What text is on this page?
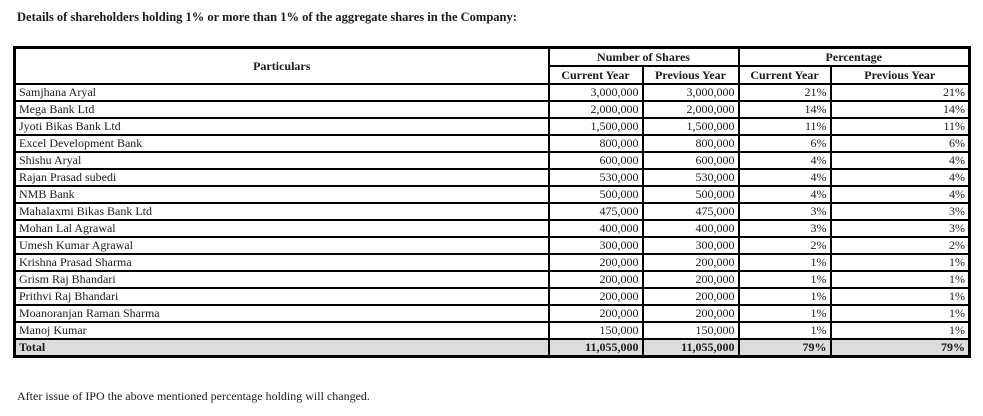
Details of shareholders holding 1% or more than 1% of the aggregate shares in the Company:
Particulars	Number of Shares		Percentage	
	Current Year	Previous Year	Current Year	Previous Year
Samjhana Aryal	3,000,000	3,000,000	21%	21%
Mega Bank Ltd	2,000,000	2,000,000	14%	14%
Jyoti Bikas Bank Ltd	1,500,000	1,500,000	11%	11%
Excel Development Bank	800,000	800,000	6%	6%
Shishu Aryal	600,000	600,000	4%	4%
Rajan Prasad subedi	530,000	530,000	4%	4%
NMB Bank	500,000	500,000	4%	4%
Mahalaxmi Bikas Bank Ltd	475,000	475,000	3%	3%
Mohan Lal Agrawal	400,000	400,000	3%	3%
Umesh Kumar Agrawal	300,000	300,000	2%	2%
Krishna Prasad Sharma	200,000	200,000	1%	1%
Grism Raj Bhandari	200,000	200,000	1%	1%
Prithvi Raj Bhandari	200,000	200,000	1%	1%
Moanoranjan Raman Sharma	200,000	200,000	1%	1%
Manoj Kumar	150,000	150,000	1%	1%
Total	11,055,000	11,055,000	79%	79%
After issue of IPO the above mentioned percentage holding will changed.
